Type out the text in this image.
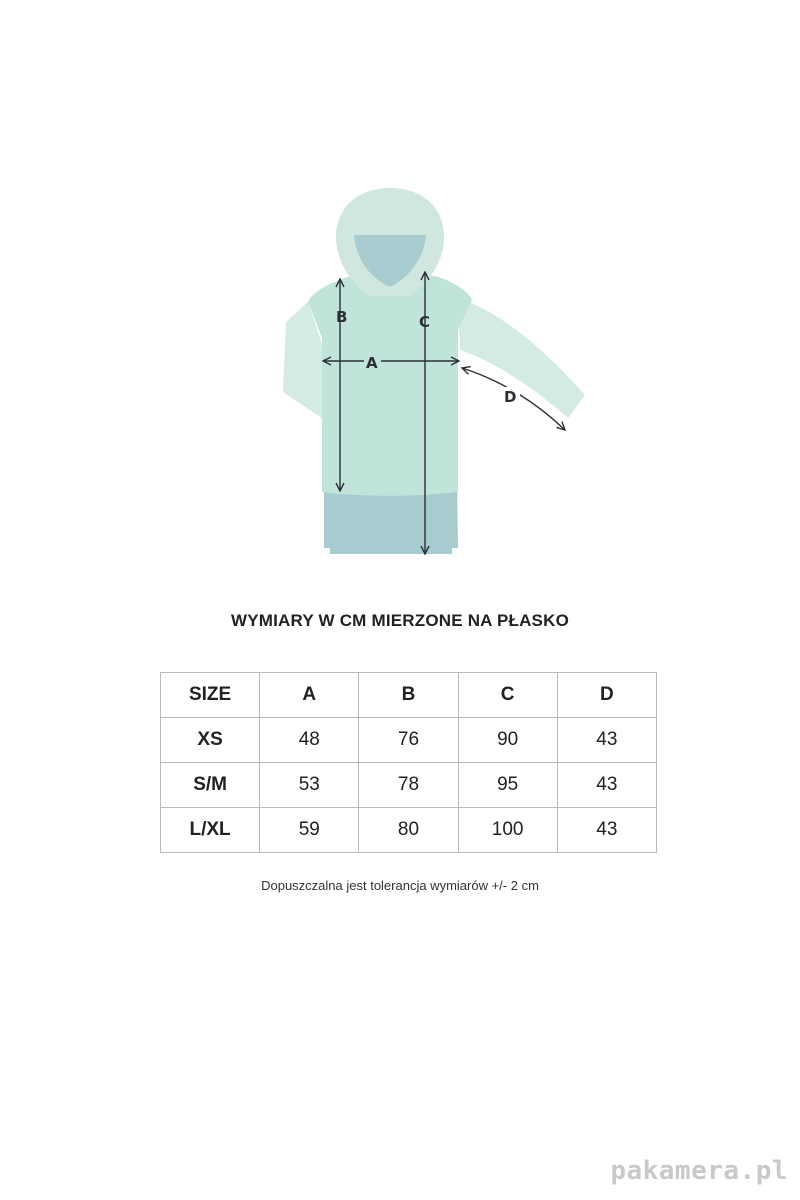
A
B	C
D
WYMIARY W CM MIERZONE NA PŁASKO
SIZE	A	B	C	D
XS	48	76	90	43
S/M	53	78	95	43
L/XL	59	80	100	43
Dopuszczalna jest tolerancja wymiarów +/- 2 cm
pakamera.pl
